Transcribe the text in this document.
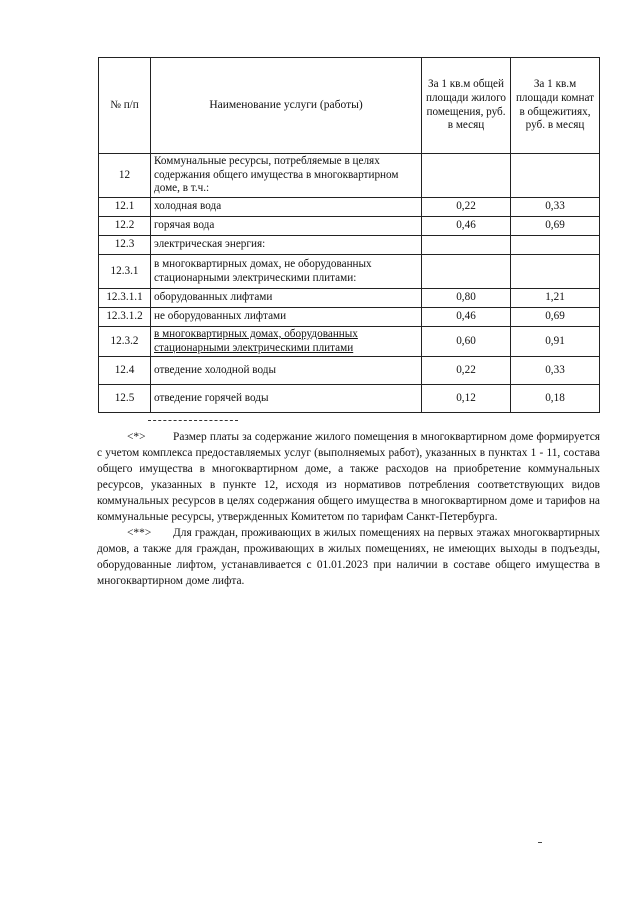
№ п/п	Наименование услуги (работы)	За 1 кв.м общей площади жилого помещения, руб. в месяц	За 1 кв.м площади комнат в общежитиях, руб. в месяц
12	Коммунальные ресурсы, потребляемые в целях содержания общего имущества в многоквартирном доме, в т.ч.:		
12.1	холодная вода	0,22	0,33
12.2	горячая вода	0,46	0,69
12.3	электрическая энергия:		
12.3.1	в многоквартирных домах, не оборудованных стационарными электрическими плитами:		
12.3.1.1	оборудованных лифтами	0,80	1,21
12.3.1.2	не оборудованных лифтами	0,46	0,69
12.3.2	в многоквартирных домах, оборудованных стационарными электрическими плитами	0,60	0,91
12.4	отведение холодной воды	0,22	0,33
12.5	отведение горячей воды	0,12	0,18

<*> Размер платы за содержание жилого помещения в многоквартирном доме формируется с учетом комплекса предоставляемых услуг (выполняемых работ), указанных в пунктах 1 - 11, состава общего имущества в многоквартирном доме, а также расходов на приобретение коммунальных ресурсов, указанных в пункте 12, исходя из нормативов потребления соответствующих видов коммунальных ресурсов в целях содержания общего имущества в многоквартирном доме и тарифов на коммунальные ресурсы, утвержденных Комитетом по тарифам Санкт-Петербурга.

<**> Для граждан, проживающих в жилых помещениях на первых этажах многоквартирных домов, а также для граждан, проживающих в жилых помещениях, не имеющих выходы в подъезды, оборудованные лифтом, устанавливается с 01.01.2023 при наличии в составе общего имущества в многоквартирном доме лифта.
